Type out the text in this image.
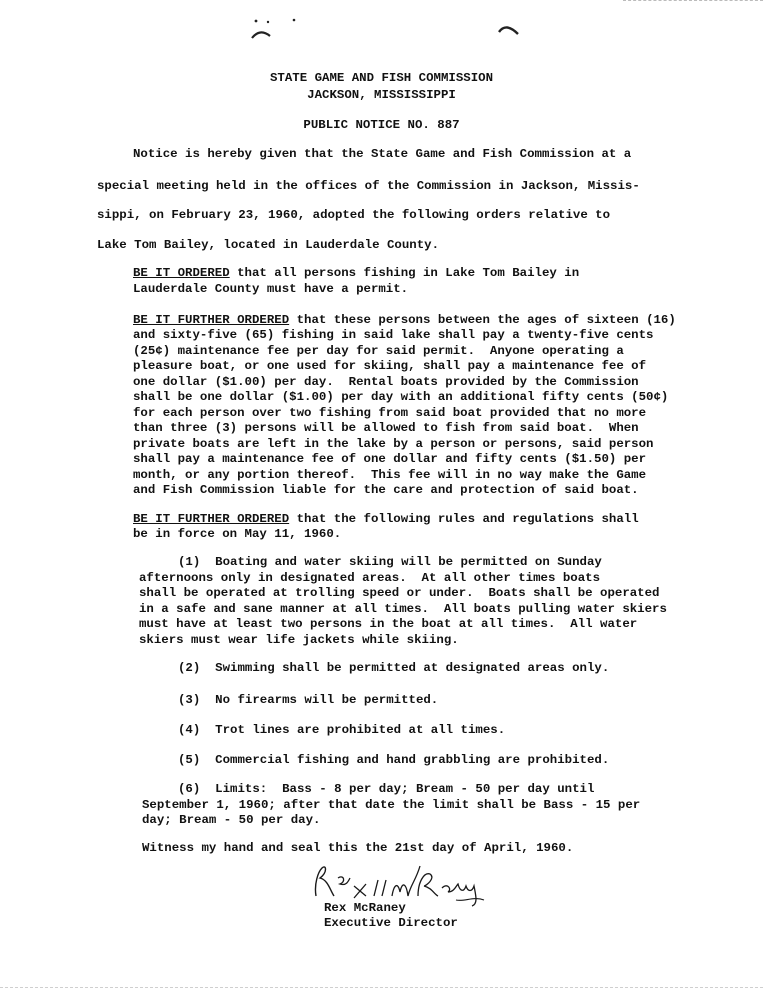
STATE GAME AND FISH COMMISSION
JACKSON, MISSISSIPPI
PUBLIC NOTICE NO. 887
Notice is hereby given that the State Game and Fish Commission at a
special meeting held in the offices of the Commission in Jackson, Missis-
sippi, on February 23, 1960, adopted the following orders relative to
Lake Tom Bailey, located in Lauderdale County.
BE IT ORDERED that all persons fishing in Lake Tom Bailey in
Lauderdale County must have a permit.
BE IT FURTHER ORDERED that these persons between the ages of sixteen (16)
and sixty-five (65) fishing in said lake shall pay a twenty-five cents
(25¢) maintenance fee per day for said permit.  Anyone operating a
pleasure boat, or one used for skiing, shall pay a maintenance fee of
one dollar ($1.00) per day.  Rental boats provided by the Commission
shall be one dollar ($1.00) per day with an additional fifty cents (50¢)
for each person over two fishing from said boat provided that no more
than three (3) persons will be allowed to fish from said boat.  When
private boats are left in the lake by a person or persons, said person
shall pay a maintenance fee of one dollar and fifty cents ($1.50) per
month, or any portion thereof.  This fee will in no way make the Game
and Fish Commission liable for the care and protection of said boat.
BE IT FURTHER ORDERED that the following rules and regulations shall
be in force on May 11, 1960.
(1)  Boating and water skiing will be permitted on Sunday
afternoons only in designated areas.  At all other times boats
shall be operated at trolling speed or under.  Boats shall be operated
in a safe and sane manner at all times.  All boats pulling water skiers
must have at least two persons in the boat at all times.  All water
skiers must wear life jackets while skiing.
(2)  Swimming shall be permitted at designated areas only.
(3)  No firearms will be permitted.
(4)  Trot lines are prohibited at all times.
(5)  Commercial fishing and hand grabbling are prohibited.
(6)  Limits:  Bass - 8 per day; Bream - 50 per day until
September 1, 1960; after that date the limit shall be Bass - 15 per
day; Bream - 50 per day.
Witness my hand and seal this the 21st day of April, 1960.
Rex McRaney
Executive Director
